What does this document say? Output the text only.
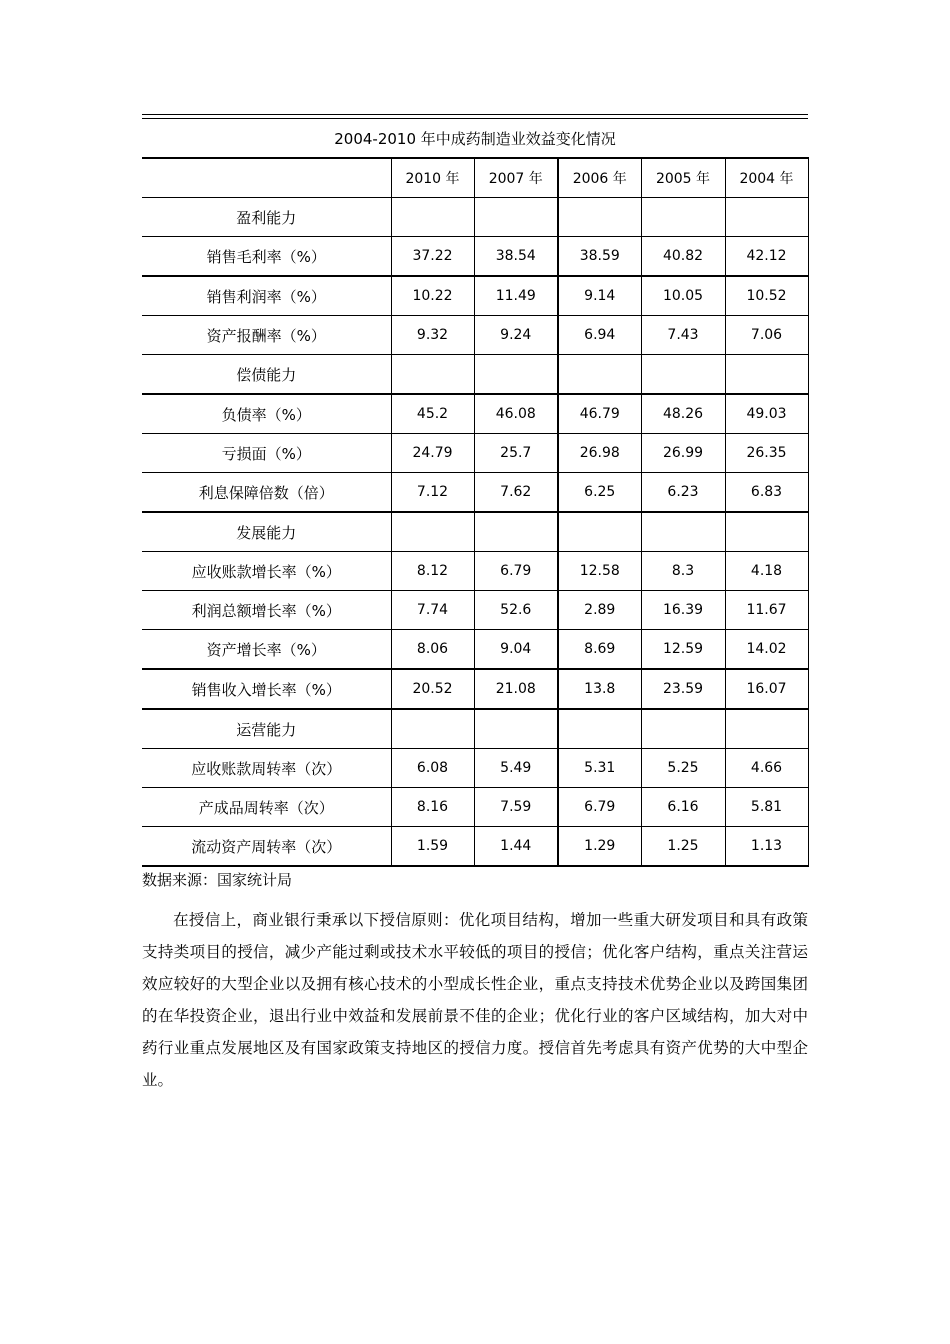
2004-2010 年中成药制造业效益变化情况
	2010 年	2007 年	2006 年	2005 年	2004 年
盈利能力					
销售毛利率（%）	37.22	38.54	38.59	40.82	42.12
销售利润率（%）	10.22	11.49	9.14	10.05	10.52
资产报酬率（%）	9.32	9.24	6.94	7.43	7.06
偿债能力					
负债率（%）	45.2	46.08	46.79	48.26	49.03
亏损面（%）	24.79	25.7	26.98	26.99	26.35
利息保障倍数（倍）	7.12	7.62	6.25	6.23	6.83
发展能力					
应收账款增长率（%）	8.12	6.79	12.58	8.3	4.18
利润总额增长率（%）	7.74	52.6	2.89	16.39	11.67
资产增长率（%）	8.06	9.04	8.69	12.59	14.02
销售收入增长率（%）	20.52	21.08	13.8	23.59	16.07
运营能力					
应收账款周转率（次）	6.08	5.49	5.31	5.25	4.66
产成品周转率（次）	8.16	7.59	6.79	6.16	5.81
流动资产周转率（次）	1.59	1.44	1.29	1.25	1.13
数据来源：国家统计局

在授信上，商业银行秉承以下授信原则：优化项目结构，增加一些重大研发项目和具有政策支持类项目的授信，减少产能过剩或技术水平较低的项目的授信；优化客户结构，重点关注营运效应较好的大型企业以及拥有核心技术的小型成长性企业，重点支持技术优势企业以及跨国集团的在华投资企业，退出行业中效益和发展前景不佳的企业；优化行业的客户区域结构，加大对中药行业重点发展地区及有国家政策支持地区的授信力度。授信首先考虑具有资产优势的大中型企业。
